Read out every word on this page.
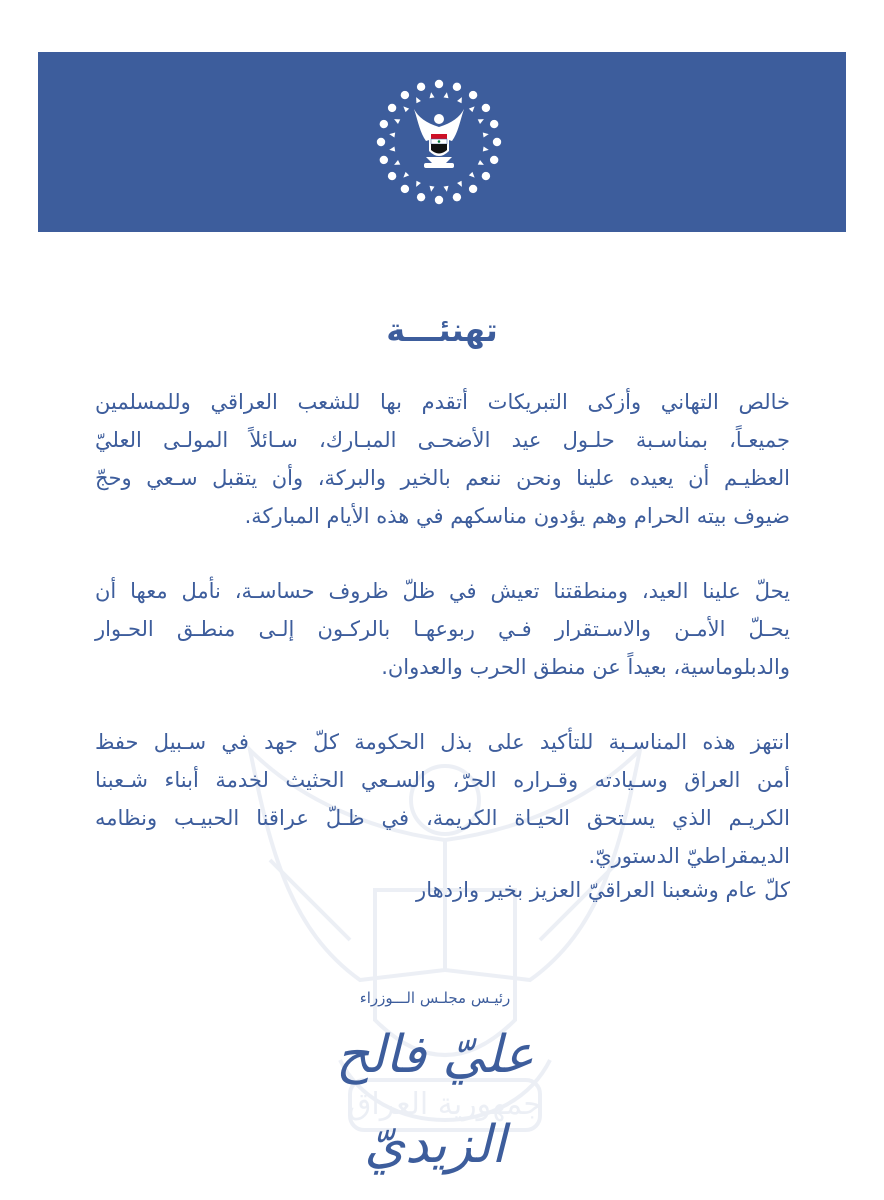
جمهورية العراق
تهنئـــة
خالص التهاني وأزكى التبريكات أتقدم بها للشعب العراقي وللمسلمين
جميعـاً، بمناسـبة حلـول عيد الأضحـى المبـارك، سـائلاً المولـى العليّ
العظيـم أن يعيده علينا ونحن ننعم بالخير والبركة، وأن يتقبل سـعي وحجّ
ضيوف بيته الحرام وهم يؤدون مناسكهم في هذه الأيام المباركة.
يحلّ علينا العيد، ومنطقتنا تعيش في ظلّ ظروف حساسـة، نأمل معها أن
يحـلّ الأمـن والاسـتقرار فـي ربوعهـا بالركـون إلـى منطـق الحـوار
والدبلوماسية، بعيداً عن منطق الحرب والعدوان.
انتهز هذه المناسـبة للتأكيد على بذل الحكومة كلّ جهد في سـبيل حفظ
أمن العراق وسـيادته وقـراره الحرّ، والسـعي الحثيث لخدمة أبناء شـعبنا
الكريـم الذي يسـتحق الحيـاة الكريمة، في ظـلّ عراقنا الحبيـب ونظامه
الديمقراطيّ الدستوريّ.
كلّ عام وشعبنا العراقيّ العزيز بخير وازدهار
رئيـس مجلـس الـــوزراء
عليّ فالح الزيديّ
